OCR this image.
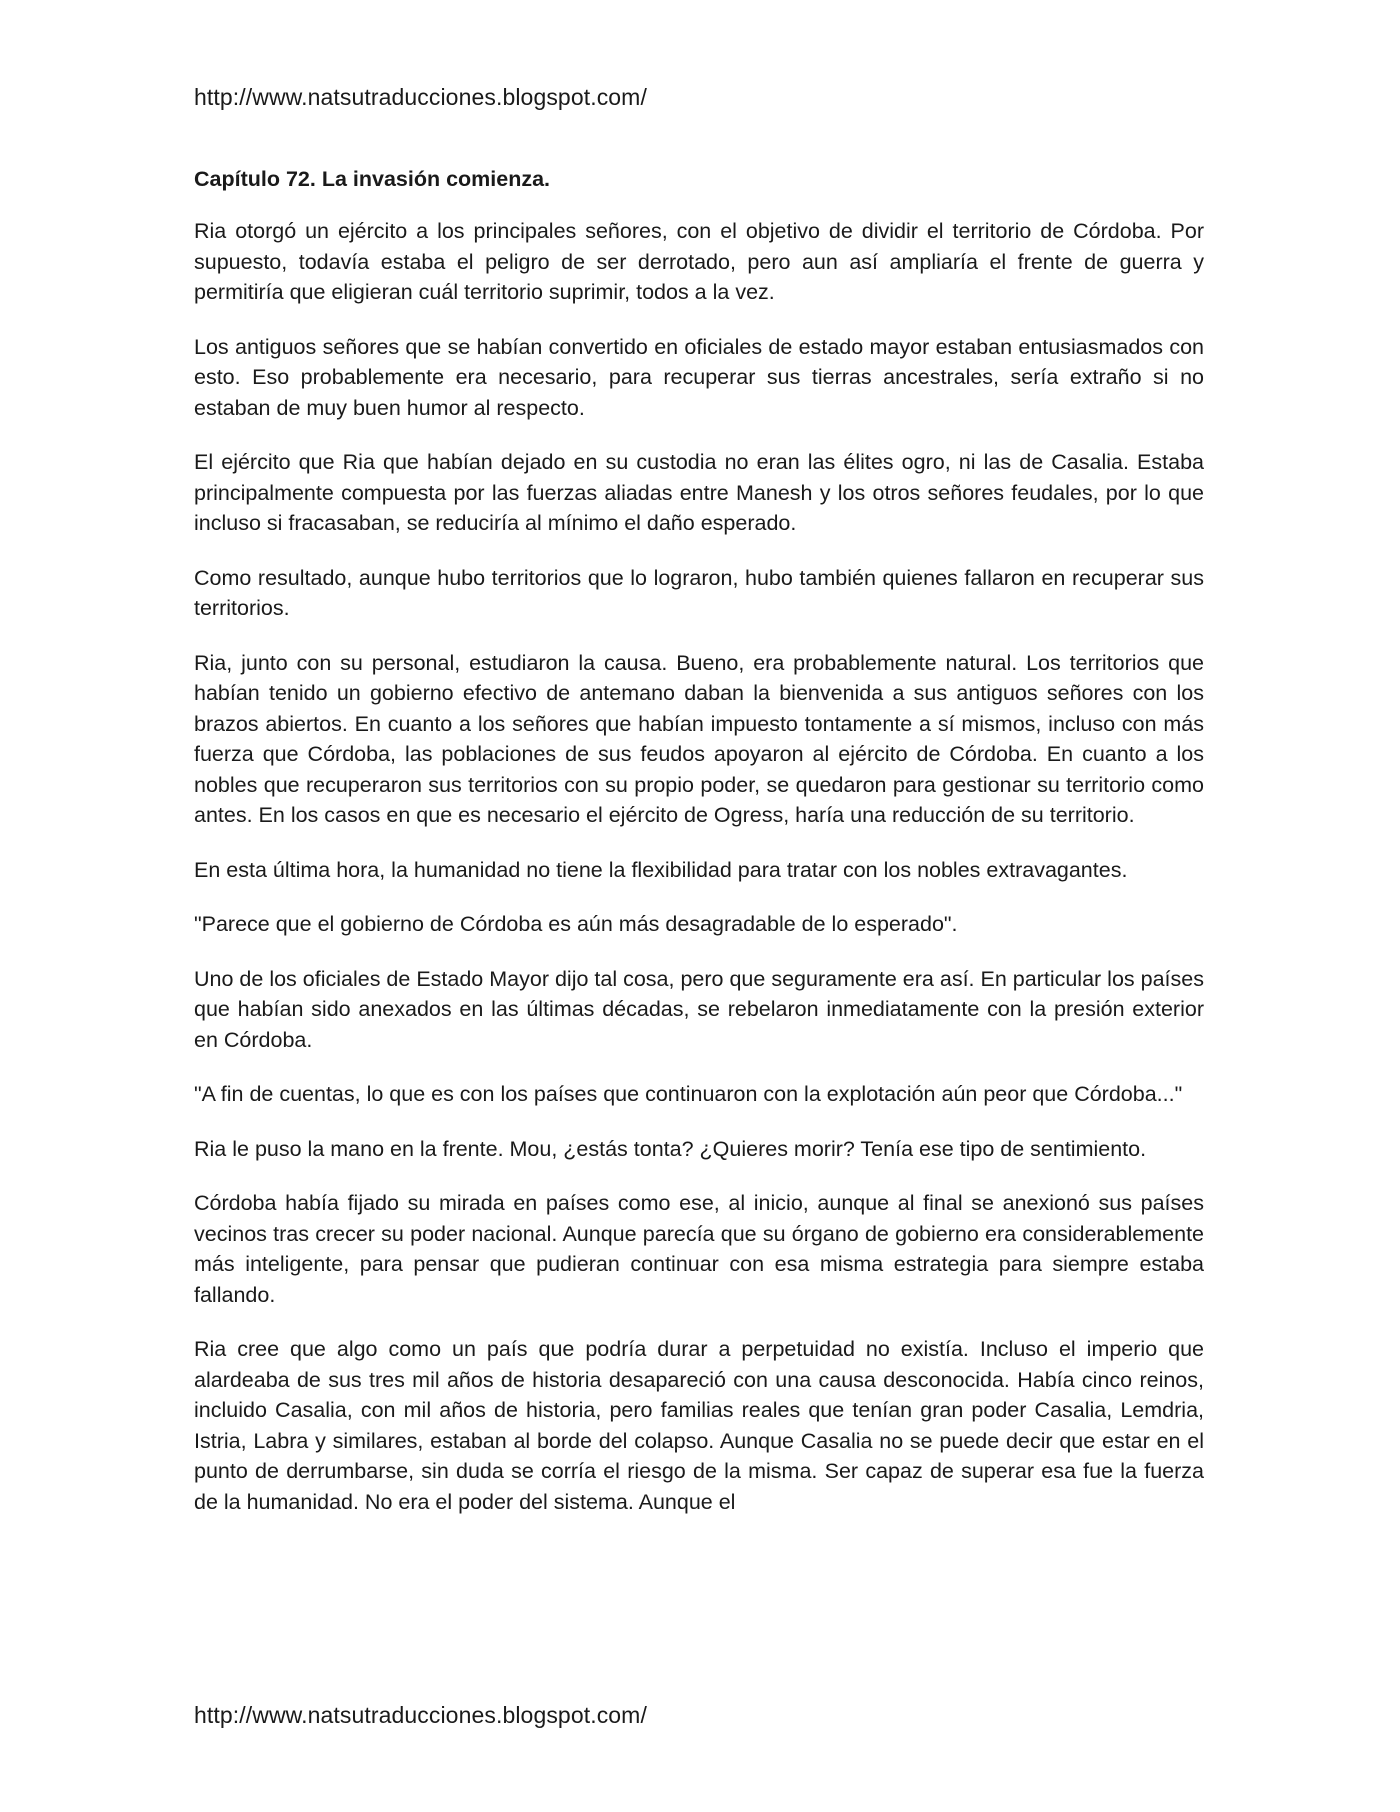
http://www.natsutraducciones.blogspot.com/
Capítulo 72. La invasión comienza.

Ria otorgó un ejército a los principales señores, con el objetivo de dividir el territorio de Córdoba. Por supuesto, todavía estaba el peligro de ser derrotado, pero aun así ampliaría el frente de guerra y permitiría que eligieran cuál territorio suprimir, todos a la vez.

Los antiguos señores que se habían convertido en oficiales de estado mayor estaban entusiasmados con esto. Eso probablemente era necesario, para recuperar sus tierras ancestrales, sería extraño si no estaban de muy buen humor al respecto.

El ejército que Ria que habían dejado en su custodia no eran las élites ogro, ni las de Casalia. Estaba principalmente compuesta por las fuerzas aliadas entre Manesh y los otros señores feudales, por lo que incluso si fracasaban, se reduciría al mínimo el daño esperado.

Como resultado, aunque hubo territorios que lo lograron, hubo también quienes fallaron en recuperar sus territorios.

Ria, junto con su personal, estudiaron la causa. Bueno, era probablemente natural. Los territorios que habían tenido un gobierno efectivo de antemano daban la bienvenida a sus antiguos señores con los brazos abiertos. En cuanto a los señores que habían impuesto tontamente a sí mismos, incluso con más fuerza que Córdoba, las poblaciones de sus feudos apoyaron al ejército de Córdoba. En cuanto a los nobles que recuperaron sus territorios con su propio poder, se quedaron para gestionar su territorio como antes. En los casos en que es necesario el ejército de Ogress, haría una reducción de su territorio.

En esta última hora, la humanidad no tiene la flexibilidad para tratar con los nobles extravagantes.

"Parece que el gobierno de Córdoba es aún más desagradable de lo esperado".

Uno de los oficiales de Estado Mayor dijo tal cosa, pero que seguramente era así. En particular los países que habían sido anexados en las últimas décadas, se rebelaron inmediatamente con la presión exterior en Córdoba.

"A fin de cuentas, lo que es con los países que continuaron con la explotación aún peor que Córdoba..."

Ria le puso la mano en la frente. Mou, ¿estás tonta? ¿Quieres morir? Tenía ese tipo de sentimiento.

Córdoba había fijado su mirada en países como ese, al inicio, aunque al final se anexionó sus países vecinos tras crecer su poder nacional. Aunque parecía que su órgano de gobierno era considerablemente más inteligente, para pensar que pudieran continuar con esa misma estrategia para siempre estaba fallando.

Ria cree que algo como un país que podría durar a perpetuidad no existía. Incluso el imperio que alardeaba de sus tres mil años de historia desapareció con una causa desconocida. Había cinco reinos, incluido Casalia, con mil años de historia, pero familias reales que tenían gran poder Casalia, Lemdria, Istria, Labra y similares, estaban al borde del colapso. Aunque Casalia no se puede decir que estar en el punto de derrumbarse, sin duda se corría el riesgo de la misma. Ser capaz de superar esa fue la fuerza de la humanidad. No era el poder del sistema. Aunque el

http://www.natsutraducciones.blogspot.com/
